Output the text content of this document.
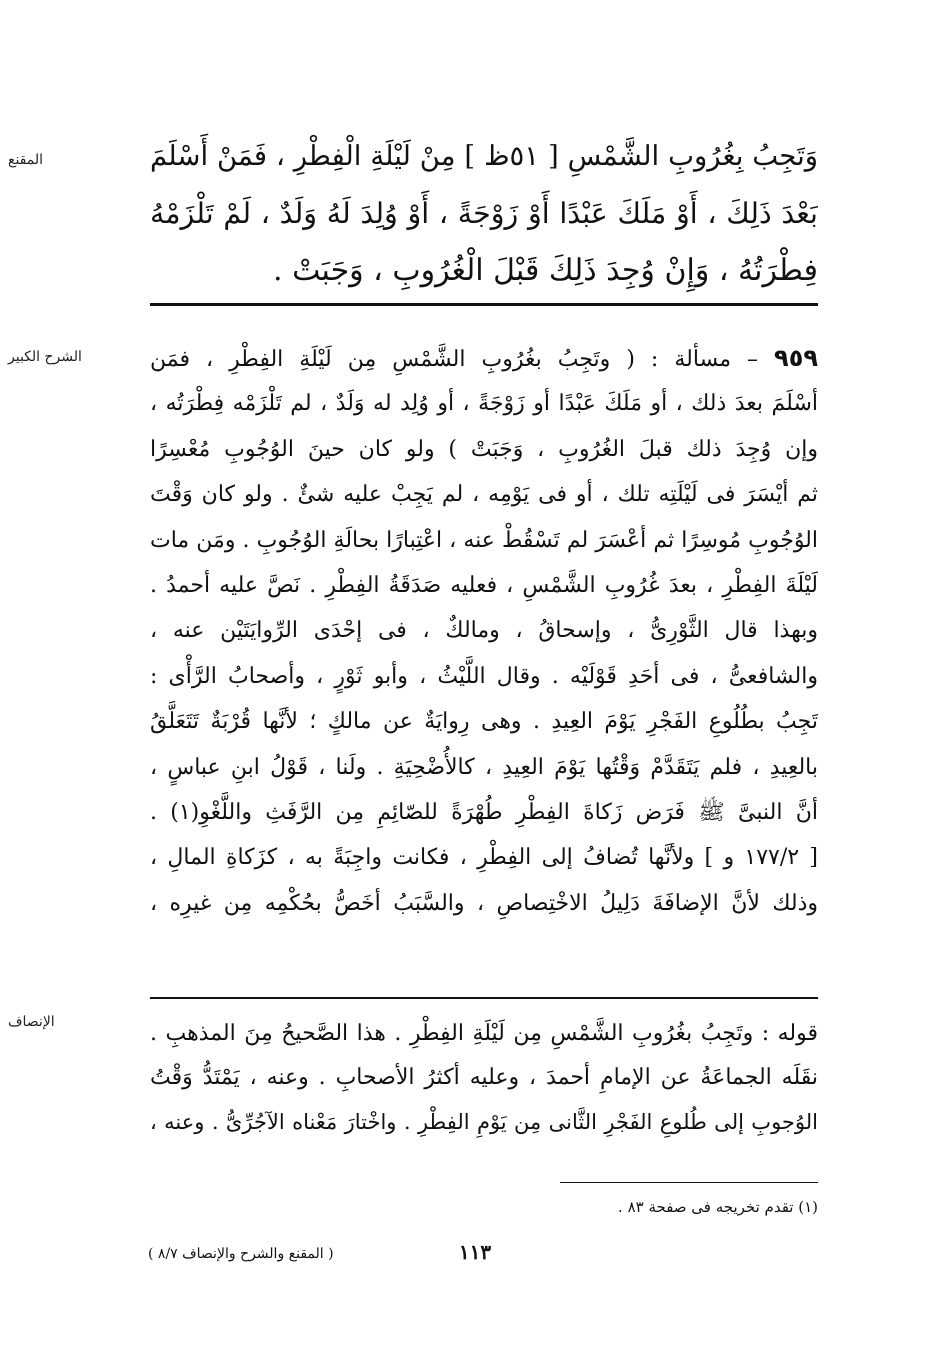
المقنع
الشرح الكبير
الإنصاف
وَتَجِبُ بِغُرُوبِ الشَّمْسِ [ ٥١ظ ] مِنْ لَيْلَةِ الْفِطْرِ ، فَمَنْ أَسْلَمَ
بَعْدَ ذَلِكَ ، أَوْ مَلَكَ عَبْدًا أَوْ زَوْجَةً ، أَوْ وُلِدَ لَهُ وَلَدٌ ، لَمْ تَلْزَمْهُ
فِطْرَتُهُ ، وَإِنْ وُجِدَ ذَلِكَ قَبْلَ الْغُرُوبِ ، وَجَبَتْ .
٩٥٩ – مسألة : ( وتَجِبُ بغُرُوبِ الشَّمْسِ مِن لَيْلَةِ الفِطْرِ ، فمَن
أسْلَمَ بعدَ ذلك ، أو مَلَكَ عَبْدًا أو زَوْجَةً ، أو وُلِد له وَلَدٌ ، لم تَلْزَمْه فِطْرَتُه ،
وإن وُجِدَ ذلك قبلَ الغُرُوبِ ، وَجَبَتْ ) ولو كان حينَ الوُجُوبِ مُعْسِرًا
ثم أيْسَرَ فى لَيْلَتِه تلك ، أو فى يَوْمِه ، لم يَجِبْ عليه شئٌ . ولو كان وَقْتَ
الوُجُوبِ مُوسِرًا ثم أعْسَرَ لم تَسْقُطْ عنه ، اعْتِبارًا بحالَةِ الوُجُوبِ . ومَن مات
لَيْلَةَ الفِطْرِ ، بعدَ غُرُوبِ الشَّمْسِ ، فعليه صَدَقَةُ الفِطْرِ . نَصَّ عليه أحمدُ .
وبهذا قال الثَّوْرِىُّ ، وإسحاقُ ، ومالكٌ ، فى إحْدَى الرِّوايَتَيْن عنه ،
والشافعىُّ ، فى أحَدِ قَوْلَيْه . وقال اللَّيْثُ ، وأبو ثَوْرٍ ، وأصحابُ الرَّأْى :
تَجِبُ بطُلُوعِ الفَجْرِ يَوْمَ العِيدِ . وهى رِوايَةٌ عن مالكٍ ؛ لأنَّها قُرْبَةٌ تَتَعَلَّقُ
بالعِيدِ ، فلم يَتَقَدَّمْ وَقْتُها يَوْمَ العِيدِ ، كالأُضْحِيَةِ . ولَنا ، قَوْلُ ابنِ عباسٍ ،
أنَّ النبىَّ ﷺ فَرَض زَكاةَ الفِطْرِ طُهْرَةً للصّائِمِ مِن الرَّفَثِ واللَّغْوِ(١) .
[ ١٧٧/٢ و ] ولأنَّها تُضافُ إلى الفِطْرِ ، فكانت واجِبَةً به ، كزَكاةِ المالِ ،
وذلك لأنَّ الإضافَةَ دَلِيلُ الاخْتِصاصِ ، والسَّبَبُ أخَصُّ بحُكْمِه مِن غيرِه ،
قوله : وتَجِبُ بغُرُوبِ الشَّمْسِ مِن لَيْلَةِ الفِطْرِ . هذا الصَّحيحُ مِنَ المذهبِ .
نقَلَه الجماعَةُ عن الإمامِ أحمدَ ، وعليه أكثرُ الأصحابِ . وعنه ، يَمْتَدُّ وَقْتُ
الوُجوبِ إلى طُلوعِ الفَجْرِ الثَّانى مِن يَوْمِ الفِطْرِ . واخْتارَ مَعْناه الآجُرِّىُّ . وعنه ،
(١) تقدم تخريجه فى صفحة ٨٣ .
( المقنع والشرح والإنصاف ٨/٧ )	١١٣
